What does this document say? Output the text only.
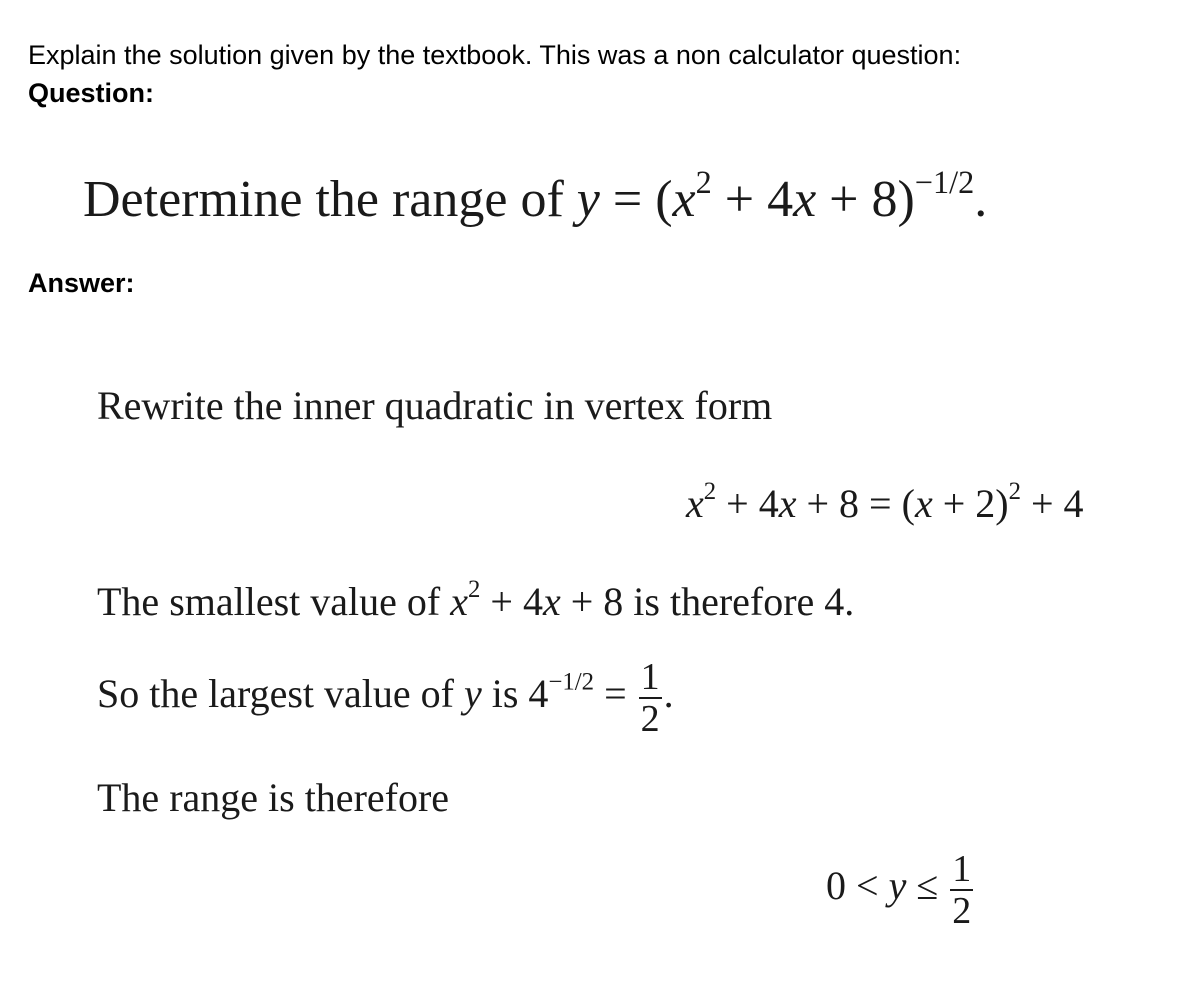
Explain the solution given by the textbook. This was a non calculator question:
Question:
Determine the range of $y = (x^2 + 4x + 8)^{-1/2}$.
Answer:
Rewrite the inner quadratic in vertex form
$x^2 + 4x + 8 = (x + 2)^2 + 4$
The smallest value of $x^2 + 4x + 8$ is therefore 4.
So the largest value of y is $4^{-1/2} = \frac{1}{2}$ .
The range is therefore
$0 < y \le \frac{1}{2}$
